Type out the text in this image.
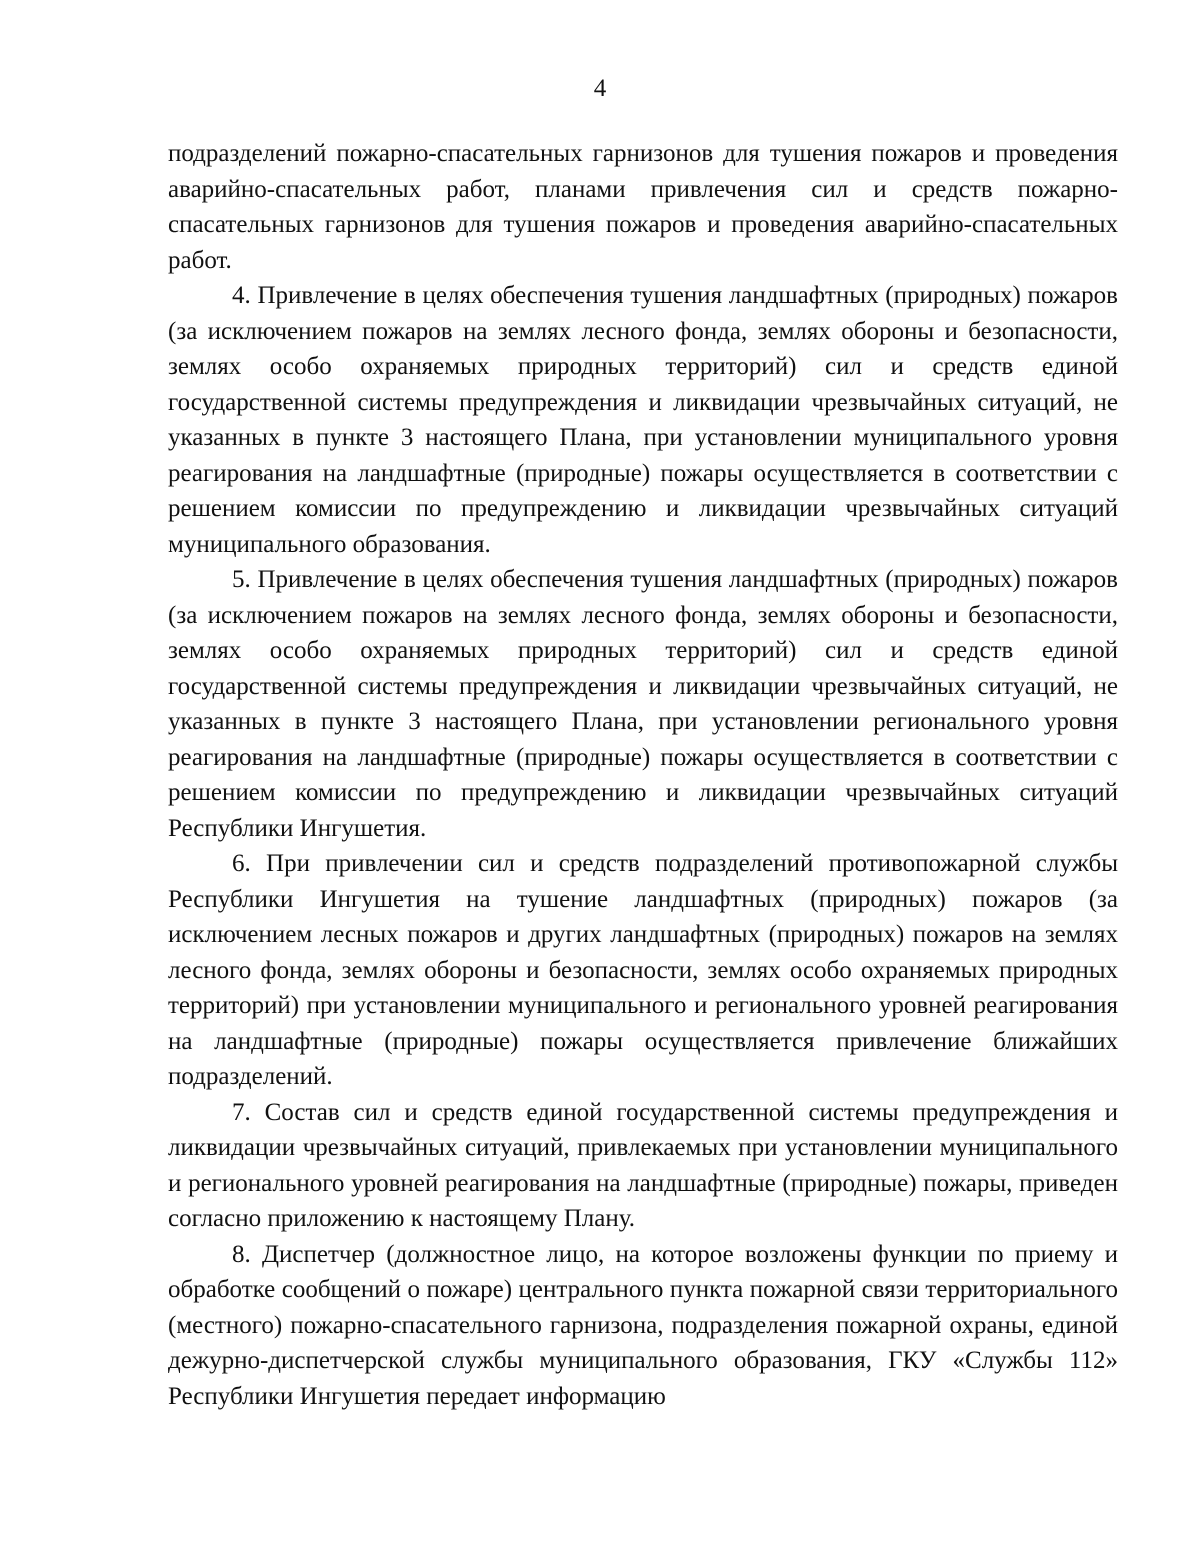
4

подразделений пожарно-спасательных гарнизонов для тушения пожаров и проведения аварийно-спасательных работ, планами привлечения сил и средств пожарно-спасательных гарнизонов для тушения пожаров и проведения аварийно-спасательных работ.

4. Привлечение в целях обеспечения тушения ландшафтных (природных) пожаров (за исключением пожаров на землях лесного фонда, землях обороны и безопасности, землях особо охраняемых природных территорий) сил и средств единой государственной системы предупреждения и ликвидации чрезвычайных ситуаций, не указанных в пункте 3 настоящего Плана, при установлении муниципального уровня реагирования на ландшафтные (природные) пожары осуществляется в соответствии с решением комиссии по предупреждению и ликвидации чрезвычайных ситуаций муниципального образования.

5. Привлечение в целях обеспечения тушения ландшафтных (природных) пожаров (за исключением пожаров на землях лесного фонда, землях обороны и безопасности, землях особо охраняемых природных территорий) сил и средств единой государственной системы предупреждения и ликвидации чрезвычайных ситуаций, не указанных в пункте 3 настоящего Плана, при установлении регионального уровня реагирования на ландшафтные (природные) пожары осуществляется в соответствии с решением комиссии по предупреждению и ликвидации чрезвычайных ситуаций Республики Ингушетия.

6. При привлечении сил и средств подразделений противопожарной службы Республики Ингушетия на тушение ландшафтных (природных) пожаров (за исключением лесных пожаров и других ландшафтных (природных) пожаров на землях лесного фонда, землях обороны и безопасности, землях особо охраняемых природных территорий) при установлении муниципального и регионального уровней реагирования на ландшафтные (природные) пожары осуществляется привлечение ближайших подразделений.

7. Состав сил и средств единой государственной системы предупреждения и ликвидации чрезвычайных ситуаций, привлекаемых при установлении муниципального и регионального уровней реагирования на ландшафтные (природные) пожары, приведен согласно приложению к настоящему Плану.

8. Диспетчер (должностное лицо, на которое возложены функции по приему и обработке сообщений о пожаре) центрального пункта пожарной связи территориального (местного) пожарно-спасательного гарнизона, подразделения пожарной охраны, единой дежурно-диспетчерской службы муниципального образования, ГКУ «Службы 112» Республики Ингушетия передает информацию
